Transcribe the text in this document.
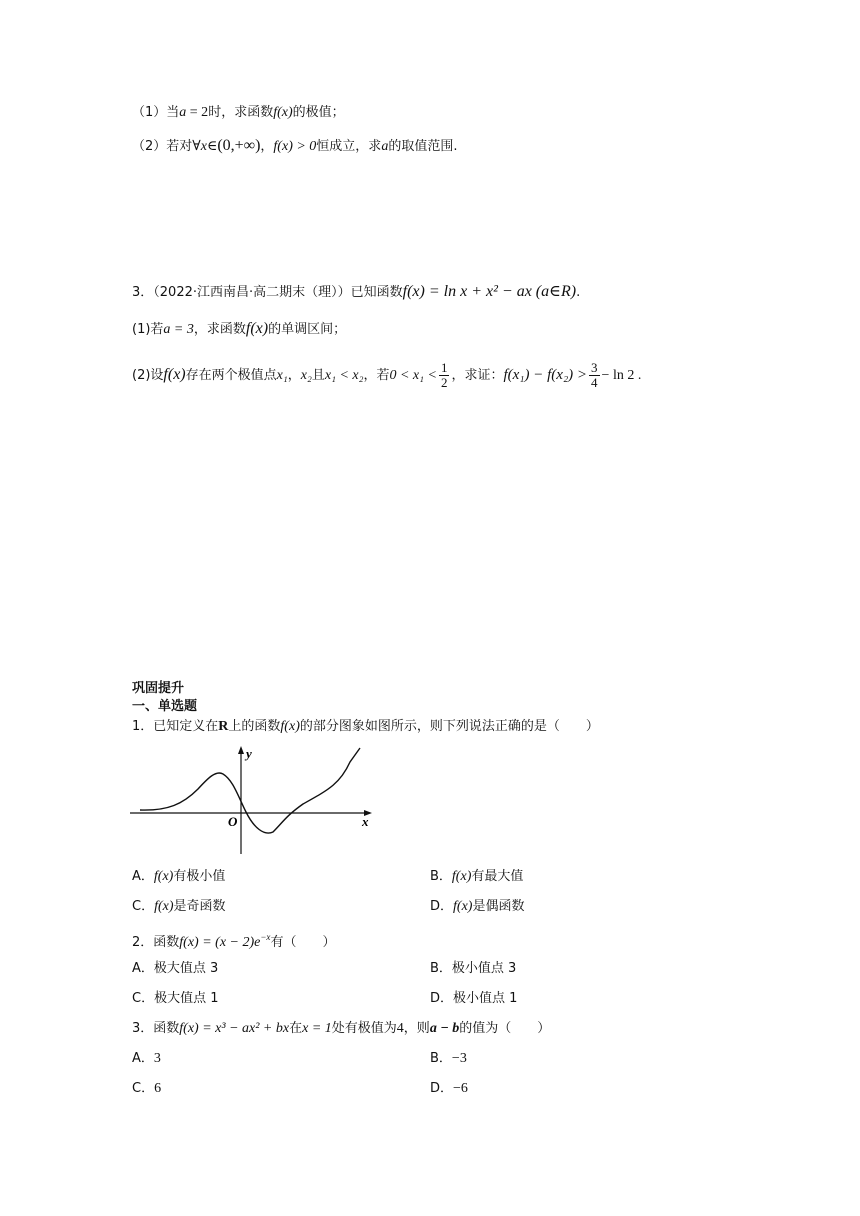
（1）当a = 2时，求函数f(x)的极值；
（2）若对∀x∈(0,+∞)，f(x) > 0恒成立，求a的取值范围.
3．（2022·江西南昌·高二期末（理））已知函数f(x) = ln x + x² − ax (a∈R).
(1)若a = 3，求函数f(x)的单调区间；
(2)设f(x)存在两个极值点x₁，x₂且x₁ < x₂，若$0 < x_1 < \frac{1}{2}$ ，求证：$f(x_1) - f(x_2) > \frac{3}{4} - \ln 2$ .
巩固提升
一、单选题
1．已知定义在R上的函数f(x)的部分图象如图所示，则下列说法正确的是（　　）
y
x
O
A．f(x)有极小值	B．f(x)有最大值
C．f(x)是奇函数	D．f(x)是偶函数
2．函数$f(x) = (x - 2)e^{-x}$有（　　）
A．极大值点 3	B．极小值点 3
C．极大值点 1	D．极小值点 1
3．函数f(x) = x³ − ax² + bx在x = 1处有极值为4，则a − b的值为（　　）
A．3	B．−3
C．6	D．−6
